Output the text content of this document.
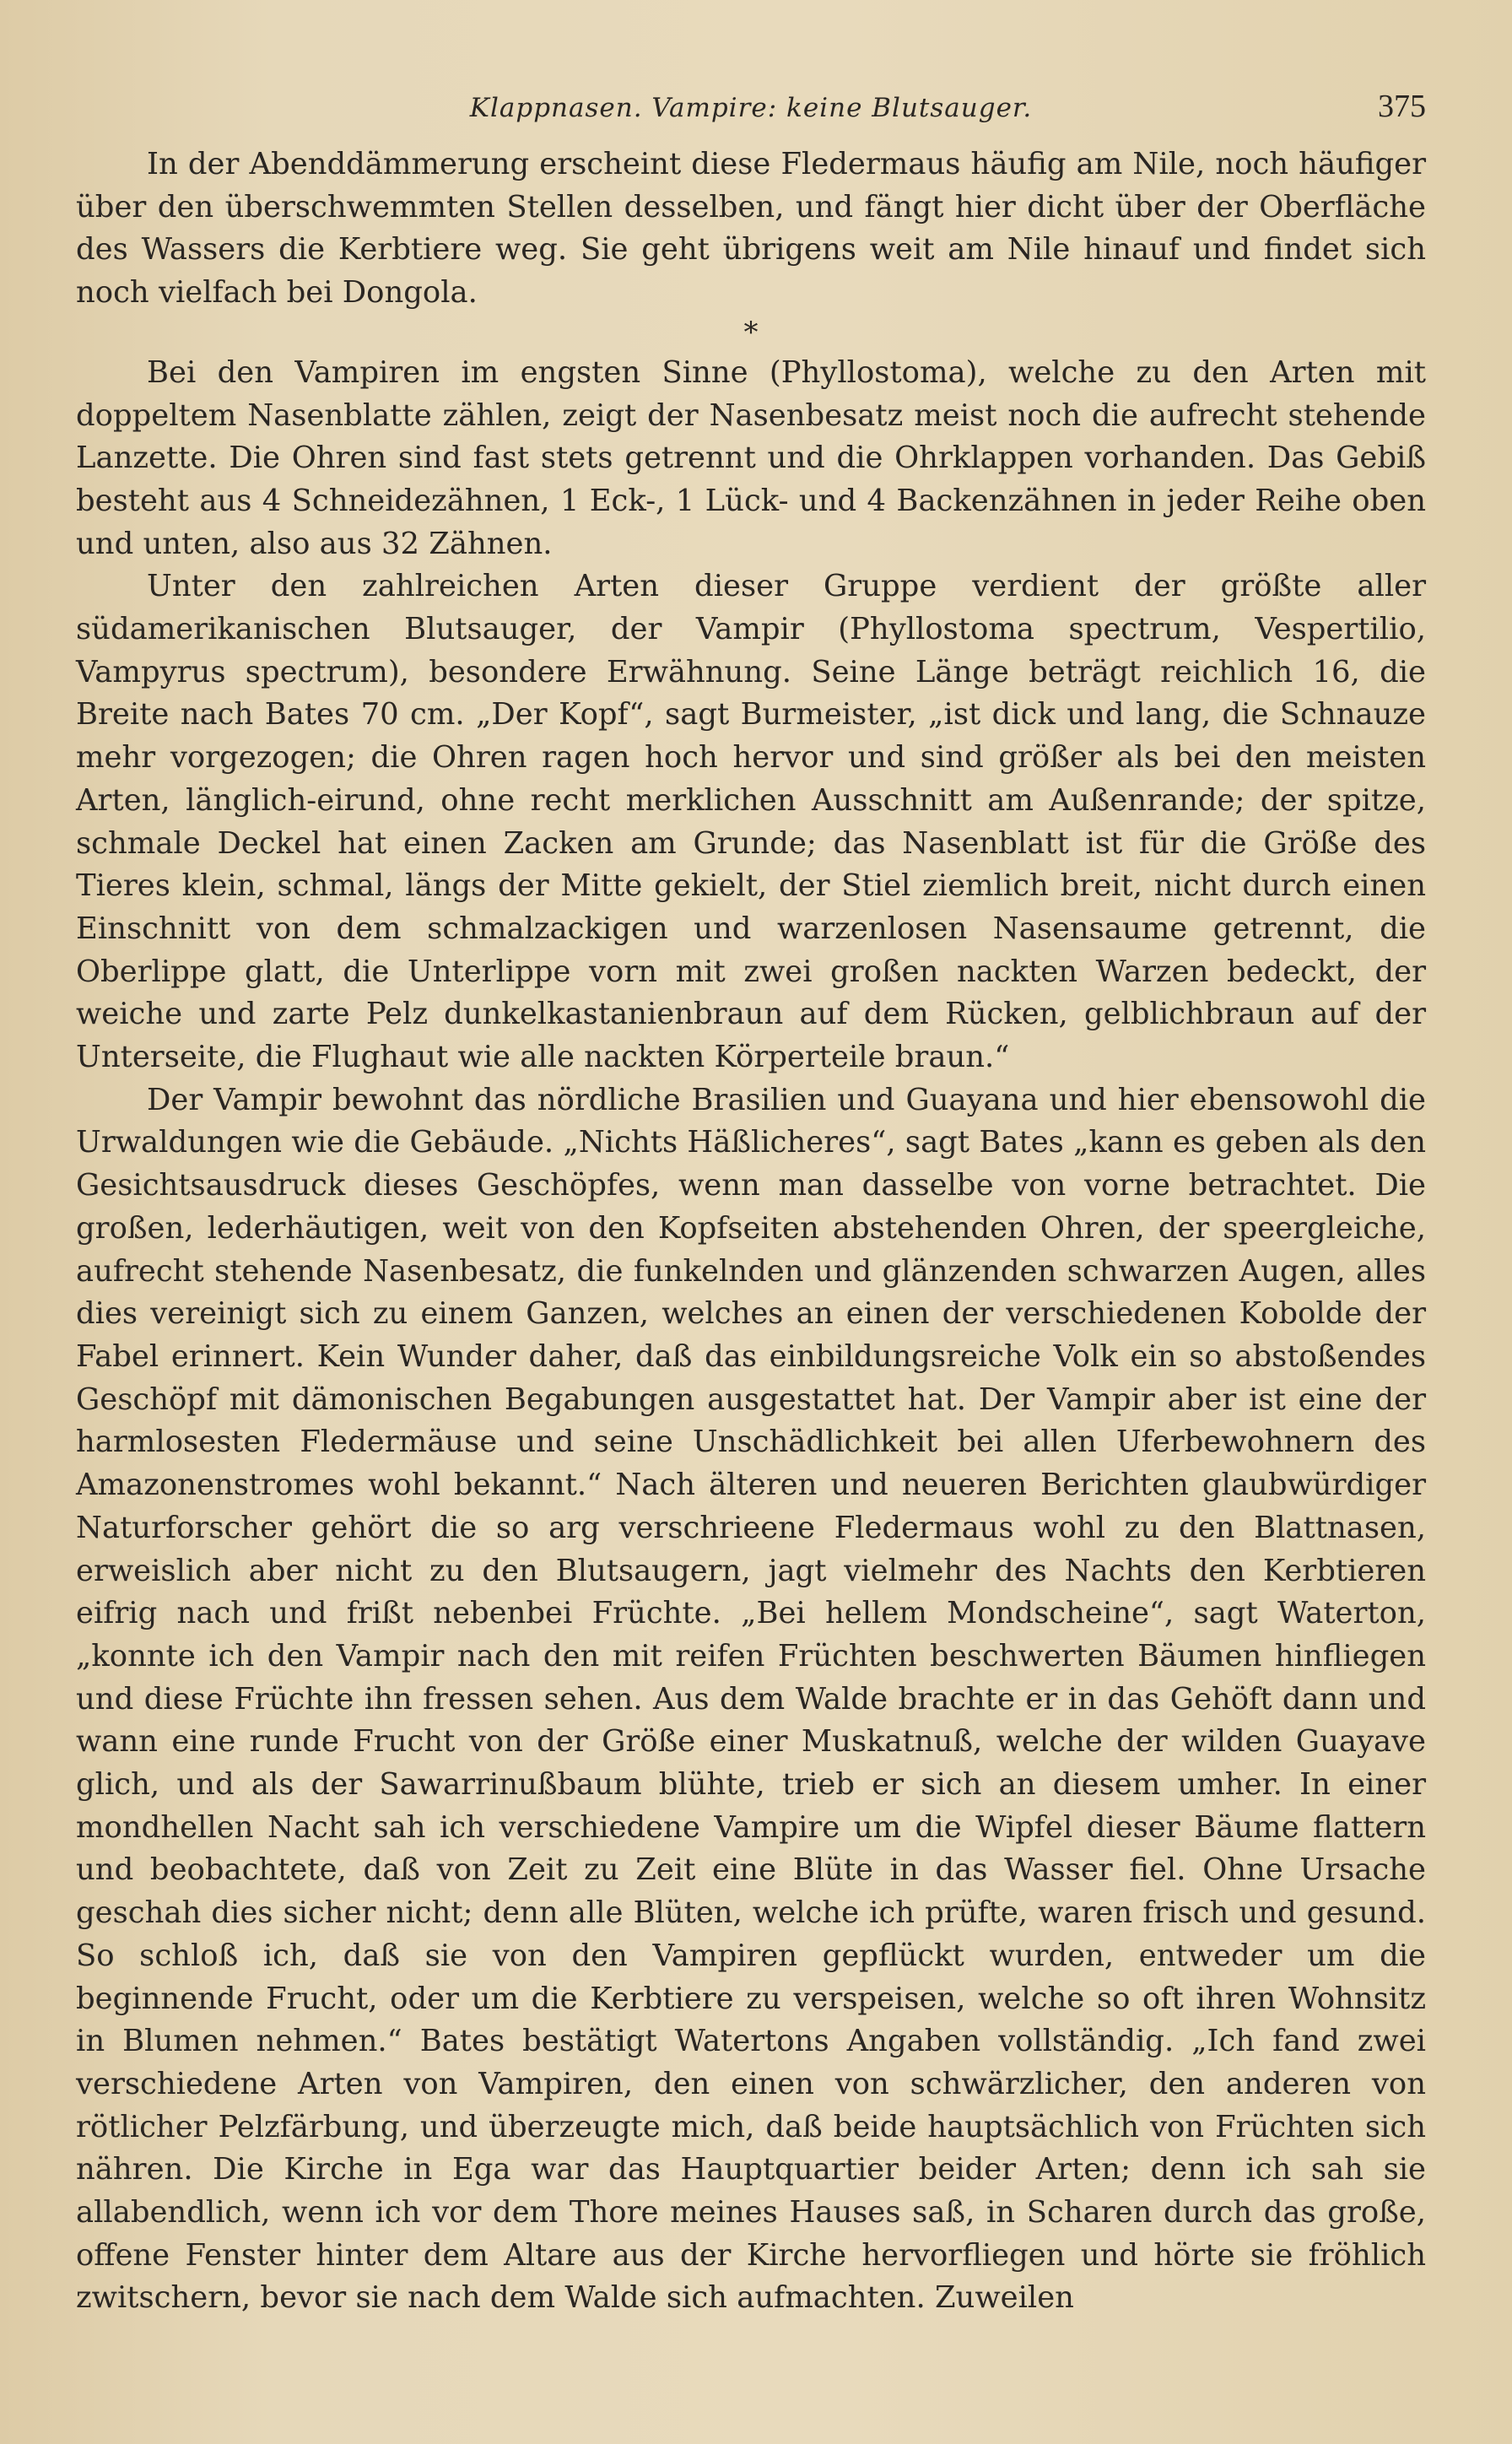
Klappnasen. Vampire: keine Blutsauger.	375

In der Abenddämmerung erscheint diese Fledermaus häufig am Nile, noch häufiger über den überschwemmten Stellen desselben, und fängt hier dicht über der Oberfläche des Wassers die Kerbtiere weg. Sie geht übrigens weit am Nile hinauf und findet sich noch vielfach bei Dongola.

*

Bei den Vampiren im engsten Sinne (Phyllostoma), welche zu den Arten mit doppeltem Nasenblatte zählen, zeigt der Nasenbesatz meist noch die aufrecht stehende Lanzette. Die Ohren sind fast stets getrennt und die Ohrklappen vorhanden. Das Gebiß besteht aus 4 Schneidezähnen, 1 Eck-, 1 Lück- und 4 Backenzähnen in jeder Reihe oben und unten, also aus 32 Zähnen.

Unter den zahlreichen Arten dieser Gruppe verdient der größte aller südamerikanischen Blutsauger, der Vampir (Phyllostoma spectrum, Vespertilio, Vampyrus spectrum), besondere Erwähnung. Seine Länge beträgt reichlich 16, die Breite nach Bates 70 cm. „Der Kopf“, sagt Burmeister, „ist dick und lang, die Schnauze mehr vorgezogen; die Ohren ragen hoch hervor und sind größer als bei den meisten Arten, länglich-eirund, ohne recht merklichen Ausschnitt am Außenrande; der spitze, schmale Deckel hat einen Zacken am Grunde; das Nasenblatt ist für die Größe des Tieres klein, schmal, längs der Mitte gekielt, der Stiel ziemlich breit, nicht durch einen Einschnitt von dem schmalzackigen und warzenlosen Nasensaume getrennt, die Oberlippe glatt, die Unterlippe vorn mit zwei großen nackten Warzen bedeckt, der weiche und zarte Pelz dunkelkastanienbraun auf dem Rücken, gelblichbraun auf der Unterseite, die Flughaut wie alle nackten Körperteile braun.“

Der Vampir bewohnt das nördliche Brasilien und Guayana und hier ebensowohl die Urwaldungen wie die Gebäude. „Nichts Häßlicheres“, sagt Bates „kann es geben als den Gesichtsausdruck dieses Geschöpfes, wenn man dasselbe von vorne betrachtet. Die großen, lederhäutigen, weit von den Kopfseiten abstehenden Ohren, der speergleiche, aufrecht stehende Nasenbesatz, die funkelnden und glänzenden schwarzen Augen, alles dies vereinigt sich zu einem Ganzen, welches an einen der verschiedenen Kobolde der Fabel erinnert. Kein Wunder daher, daß das einbildungsreiche Volk ein so abstoßendes Geschöpf mit dämonischen Begabungen ausgestattet hat. Der Vampir aber ist eine der harmlosesten Fledermäuse und seine Unschädlichkeit bei allen Uferbewohnern des Amazonenstromes wohl bekannt.“ Nach älteren und neueren Berichten glaubwürdiger Naturforscher gehört die so arg verschrieene Fledermaus wohl zu den Blattnasen, erweislich aber nicht zu den Blutsaugern, jagt vielmehr des Nachts den Kerbtieren eifrig nach und frißt nebenbei Früchte. „Bei hellem Mondscheine“, sagt Waterton, „konnte ich den Vampir nach den mit reifen Früchten beschwerten Bäumen hinfliegen und diese Früchte ihn fressen sehen. Aus dem Walde brachte er in das Gehöft dann und wann eine runde Frucht von der Größe einer Muskatnuß, welche der wilden Guayave glich, und als der Sawarrinußbaum blühte, trieb er sich an diesem umher. In einer mondhellen Nacht sah ich verschiedene Vampire um die Wipfel dieser Bäume flattern und beobachtete, daß von Zeit zu Zeit eine Blüte in das Wasser fiel. Ohne Ursache geschah dies sicher nicht; denn alle Blüten, welche ich prüfte, waren frisch und gesund. So schloß ich, daß sie von den Vampiren gepflückt wurden, entweder um die beginnende Frucht, oder um die Kerbtiere zu verspeisen, welche so oft ihren Wohnsitz in Blumen nehmen.“ Bates bestätigt Watertons Angaben vollständig. „Ich fand zwei verschiedene Arten von Vampiren, den einen von schwärzlicher, den anderen von rötlicher Pelzfärbung, und überzeugte mich, daß beide hauptsächlich von Früchten sich nähren. Die Kirche in Ega war das Hauptquartier beider Arten; denn ich sah sie allabendlich, wenn ich vor dem Thore meines Hauses saß, in Scharen durch das große, offene Fenster hinter dem Altare aus der Kirche hervorfliegen und hörte sie fröhlich zwitschern, bevor sie nach dem Walde sich aufmachten. Zuweilen
